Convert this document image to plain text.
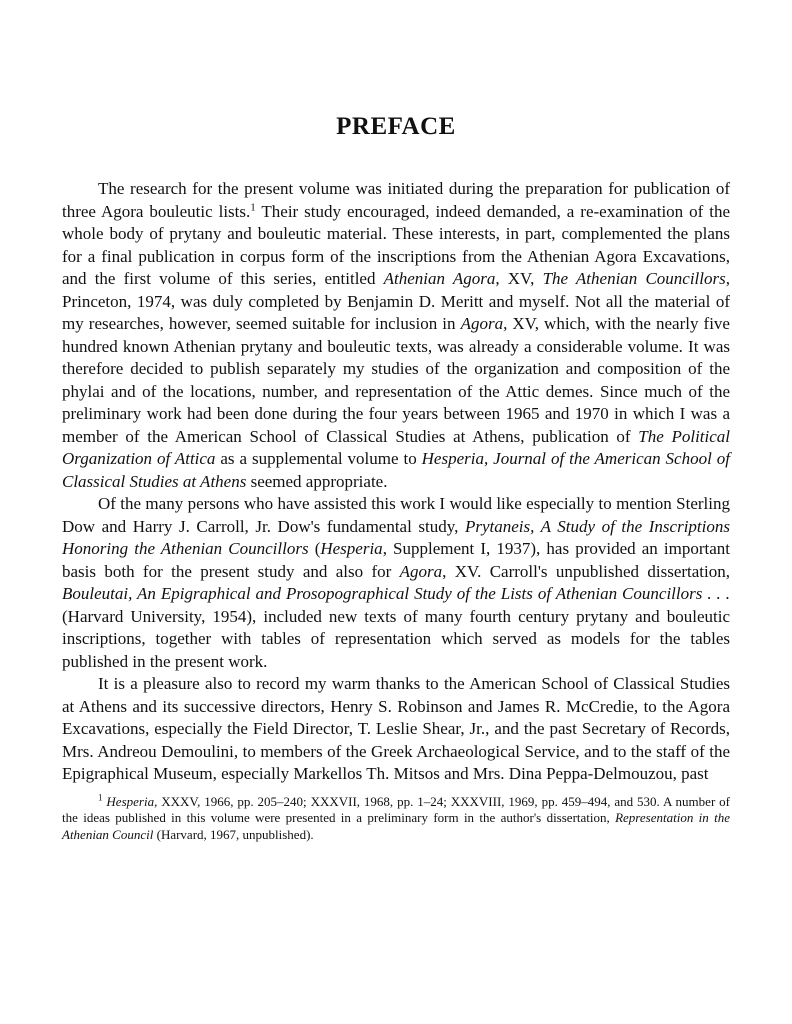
PREFACE

The research for the present volume was initiated during the preparation for publication of three Agora bouleutic lists.$^1$ Their study encouraged, indeed demanded, a re-examination of the whole body of prytany and bouleutic material. These interests, in part, complemented the plans for a final publication in corpus form of the inscriptions from the Athenian Agora Excavations, and the first volume of this series, entitled Athenian Agora, XV, The Athenian Councillors, Princeton, 1974, was duly completed by Benjamin D. Meritt and myself. Not all the material of my researches, however, seemed suitable for inclusion in Agora, XV, which, with the nearly five hundred known Athenian prytany and bouleutic texts, was already a considerable volume. It was therefore decided to publish separately my studies of the organization and composition of the phylai and of the locations, number, and representation of the Attic demes. Since much of the preliminary work had been done during the four years between 1965 and 1970 in which I was a member of the American School of Classical Studies at Athens, publication of The Political Organization of Attica as a supplemental volume to Hesperia, Journal of the American School of Classical Studies at Athens seemed appropriate.

Of the many persons who have assisted this work I would like especially to mention Sterling Dow and Harry J. Carroll, Jr. Dow's fundamental study, Prytaneis, A Study of the Inscriptions Honoring the Athenian Councillors (Hesperia, Supplement I, 1937), has provided an important basis both for the present study and also for Agora, XV. Carroll's unpublished dissertation, Bouleutai, An Epigraphical and Prosopographical Study of the Lists of Athenian Councillors . . . (Harvard University, 1954), included new texts of many fourth century prytany and bouleutic inscriptions, together with tables of representation which served as models for the tables published in the present work.

It is a pleasure also to record my warm thanks to the American School of Classical Studies at Athens and its successive directors, Henry S. Robinson and James R. McCredie, to the Agora Excavations, especially the Field Director, T. Leslie Shear, Jr., and the past Secretary of Records, Mrs. Andreou Demoulini, to members of the Greek Archaeological Service, and to the staff of the Epigraphical Museum, especially Markellos Th. Mitsos and Mrs. Dina Peppa-Delmouzou, past

$^1$ Hesperia, XXXV, 1966, pp. 205–240; XXXVII, 1968, pp. 1–24; XXXVIII, 1969, pp. 459–494, and 530. A number of the ideas published in this volume were presented in a preliminary form in the author's dissertation, Representation in the Athenian Council (Harvard, 1967, unpublished).
